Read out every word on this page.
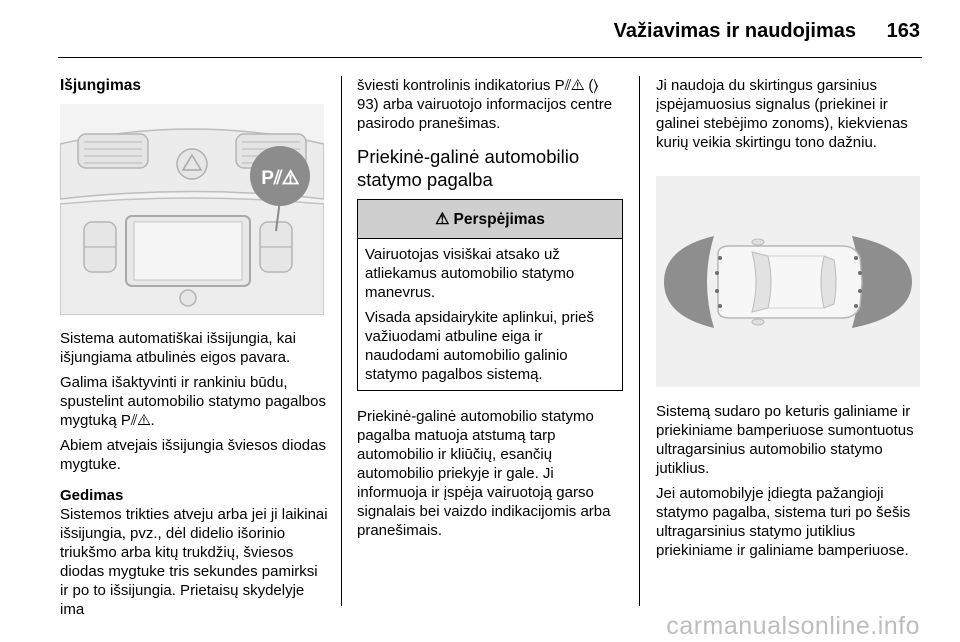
Važiavimas ir naudojimas	163
Išjungimas
P⫽⚠

Sistema automatiškai išsijungia, kai išjungiama atbulinės eigos pavara.

Galima išaktyvinti ir rankiniu būdu, spustelint automobilio statymo pagalbos mygtuką P⫽⚠.

Abiem atvejais išsijungia šviesos diodas mygtuke.

Gedimas

Sistemos trikties atveju arba jei ji laikinai išsijungia, pvz., dėl didelio išorinio triukšmo arba kitų trukdžių, šviesos diodas mygtuke tris sekundes pamirksi ir po to išsijungia. Prietaisų skydelyje ima

šviesti kontrolinis indikatorius P⫽⚠ (⟩ 93) arba vairuotojo informacijos centre pasirodo pranešimas.

Priekinė-galinė automobilio statymo pagalba
⚠ Perspėjimas

Vairuotojas visiškai atsako už atliekamus automobilio statymo manevrus.

Visada apsidairykite aplinkui, prieš važiuodami atbuline eiga ir naudodami automobilio galinio statymo pagalbos sistemą.

Priekinė-galinė automobilio statymo pagalba matuoja atstumą tarp automobilio ir kliūčių, esančių automobilio priekyje ir gale. Ji informuoja ir įspėja vairuotoją garso signalais bei vaizdo indikacijomis arba pranešimais.

Ji naudoja du skirtingus garsinius įspėjamuosius signalus (priekinei ir galinei stebėjimo zonoms), kiekvienas kurių veikia skirtingu tono dažniu.

Sistemą sudaro po keturis galiniame ir priekiniame bamperiuose sumontuotus ultragarsinius automobilio statymo jutiklius.

Jei automobilyje įdiegta pažangioji statymo pagalba, sistema turi po šešis ultragarsinius statymo jutiklius priekiniame ir galiniame bamperiuose.

carmanualsonline.info
